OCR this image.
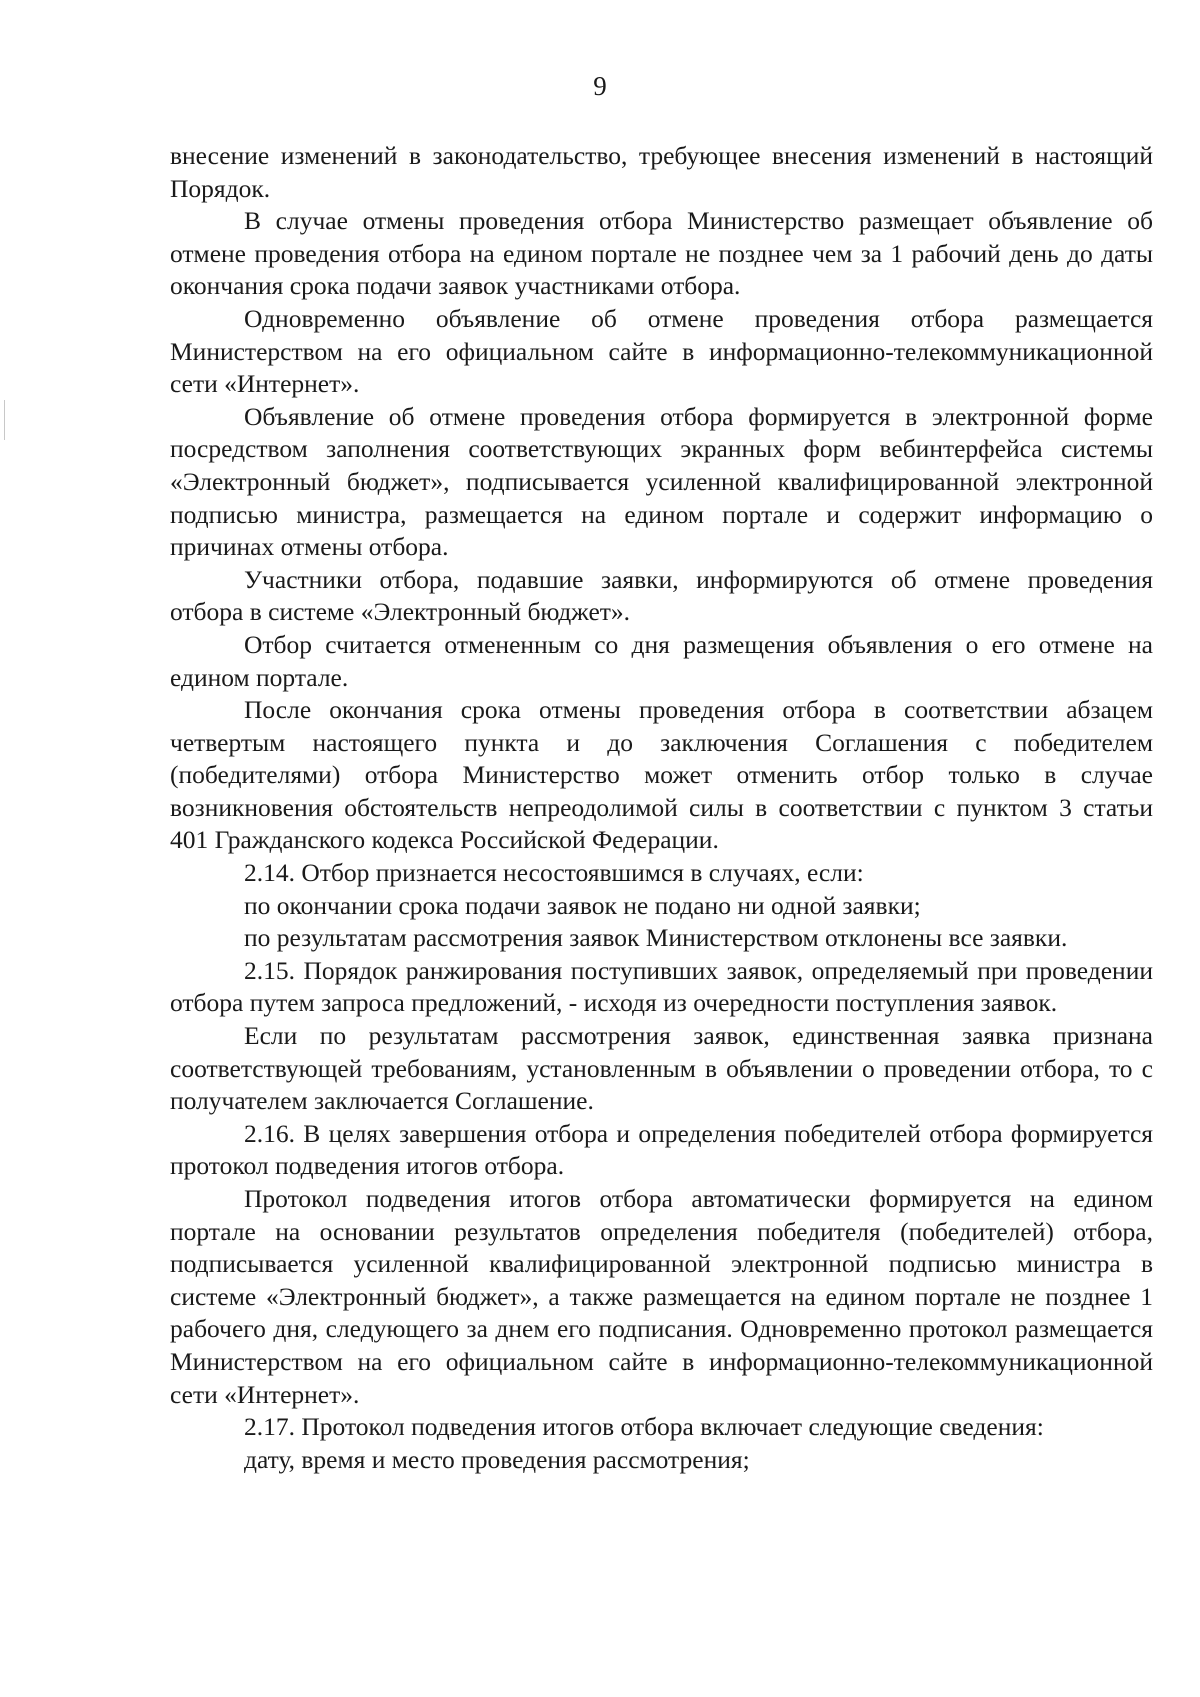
9

внесение изменений в законодательство, требующее внесения изменений в настоящий Порядок.

В случае отмены проведения отбора Министерство размещает объявление об отмене проведения отбора на едином портале не позднее чем за 1 рабочий день до даты окончания срока подачи заявок участниками отбора.

Одновременно объявление об отмене проведения отбора размещается Министерством на его официальном сайте в информационно-телекоммуникационной сети «Интернет».

Объявление об отмене проведения отбора формируется в электронной форме посредством заполнения соответствующих экранных форм вебинтерфейса системы «Электронный бюджет», подписывается усиленной квалифицированной электронной подписью министра, размещается на едином портале и содержит информацию о причинах отмены отбора.

Участники отбора, подавшие заявки, информируются об отмене проведения отбора в системе «Электронный бюджет».

Отбор считается отмененным со дня размещения объявления о его отмене на едином портале.

После окончания срока отмены проведения отбора в соответствии абзацем четвертым настоящего пункта и до заключения Соглашения с победителем (победителями) отбора Министерство может отменить отбор только в случае возникновения обстоятельств непреодолимой силы в соответствии с пунктом 3 статьи 401 Гражданского кодекса Российской Федерации.

2.14. Отбор признается несостоявшимся в случаях, если:

по окончании срока подачи заявок не подано ни одной заявки;

по результатам рассмотрения заявок Министерством отклонены все заявки.

2.15. Порядок ранжирования поступивших заявок, определяемый при проведении отбора путем запроса предложений, - исходя из очередности поступления заявок.

Если по результатам рассмотрения заявок, единственная заявка признана соответствующей требованиям, установленным в объявлении о проведении отбора, то с получателем заключается Соглашение.

2.16. В целях завершения отбора и определения победителей отбора формируется протокол подведения итогов отбора.

Протокол подведения итогов отбора автоматически формируется на едином портале на основании результатов определения победителя (победителей) отбора, подписывается усиленной квалифицированной электронной подписью министра в системе «Электронный бюджет», а также размещается на едином портале не позднее 1 рабочего дня, следующего за днем его подписания. Одновременно протокол размещается Министерством на его официальном сайте в информационно-телекоммуникационной сети «Интернет».

2.17. Протокол подведения итогов отбора включает следующие сведения:

дату, время и место проведения рассмотрения;
